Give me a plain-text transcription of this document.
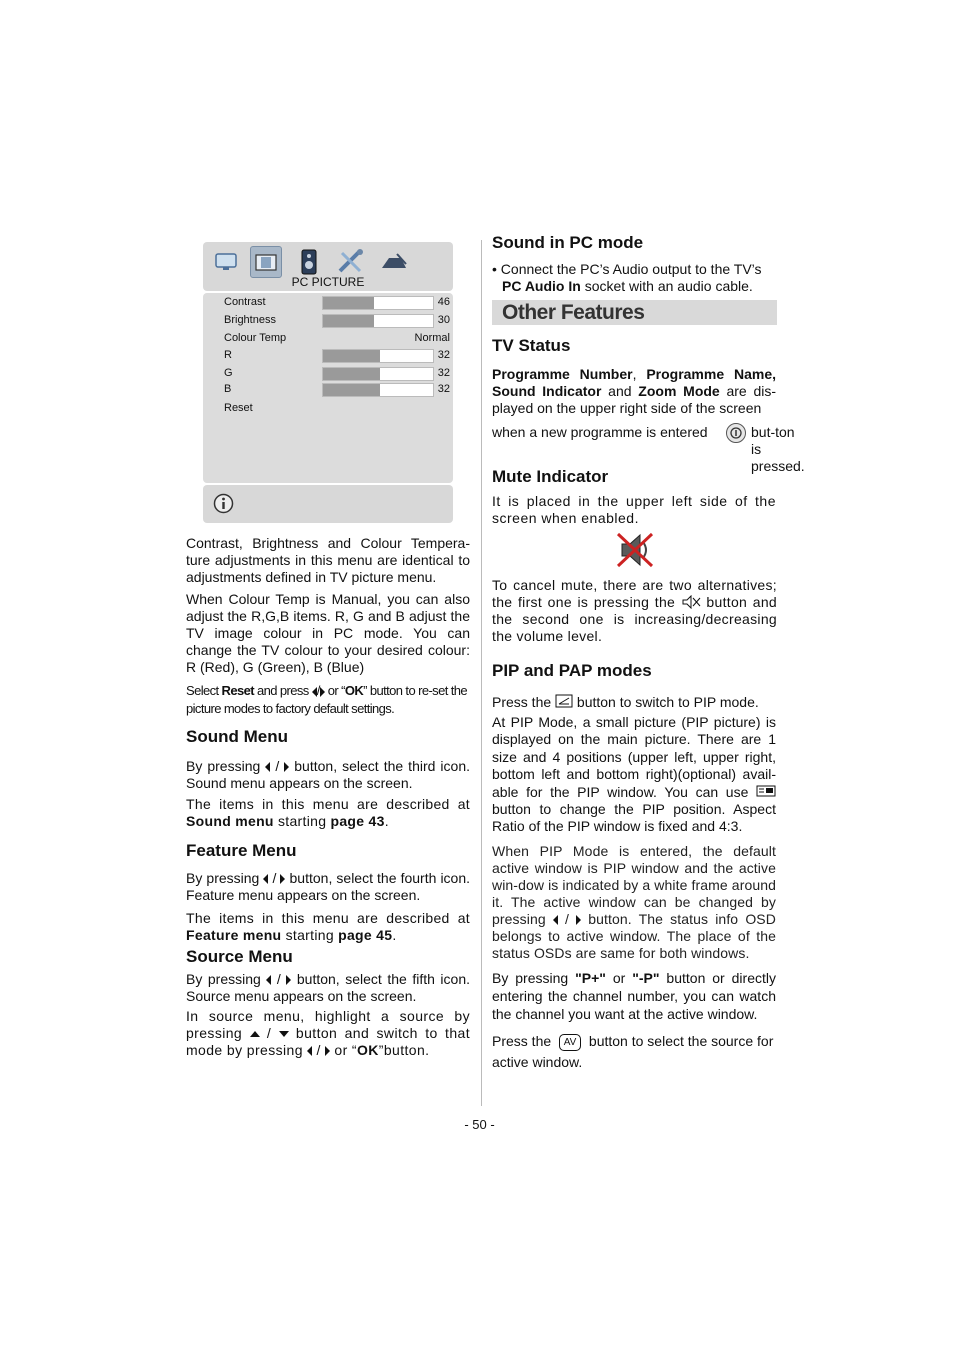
PC PICTURE
Contrast	46
Brightness	30
Colour Temp	Normal
R	32
G	32
B	32
Reset
Contrast, Brightness and Colour Tempera-ture adjustments in this menu are identical to adjustments defined in TV picture menu.
When Colour Temp is Manual, you can also adjust the R,G,B items. R, G and B adjust the TV image colour in PC mode. You can change the TV colour to your desired colour: R (Red), G (Green), B (Blue)
Select Reset and press / or “OK” button to re-set the picture modes to factory default settings.
Sound Menu
By pressing  /  button, select the third icon. Sound menu appears on the screen.
The items in this menu are described at Sound menu starting page 43.
Feature Menu
By pressing  /  button, select the fourth icon. Feature menu appears on the screen.
The items in this menu are described at Feature menu starting page 45.
Source Menu
By pressing  /  button, select the fifth icon. Source menu appears on the screen.
In source menu, highlight a source by pressing  /  button and switch to that mode by pressing  /  or “OK”button.
Sound in PC mode
• Connect the PC’s Audio output to the TV’s PC Audio In socket with an audio cable.
Other Features
TV Status
Programme Number, Programme Name, Sound Indicator and Zoom Mode are dis-played on the upper right side of the screen
when a new programme is entered	but-ton is pressed.
Mute Indicator
It is placed in the upper left side of the screen when enabled.
To cancel mute, there are two alternatives; the first one is pressing the button and the second one is increasing/decreasing the volume level.
PIP and PAP modes
Press the button to switch to PIP mode.
At PIP Mode, a small picture (PIP picture) is displayed on the main picture. There are 1 size and 4 positions (upper left, upper right, bottom left and bottom right)(optional) avail-able for the PIP window. You can use
button to change the PIP position. Aspect Ratio of the PIP window is fixed and 4:3.
When PIP Mode is entered, the default active window is PIP window and the active win-dow is indicated by a white frame around it. The active window can be changed by pressing / button. The status info OSD belongs to active window. The place of the status OSDs are same for both windows.
By pressing "P+" or "-P" button or directly entering the channel number, you can watch the channel you want at the active window.
Press the AV button to select the source for active window.
- 50 -
